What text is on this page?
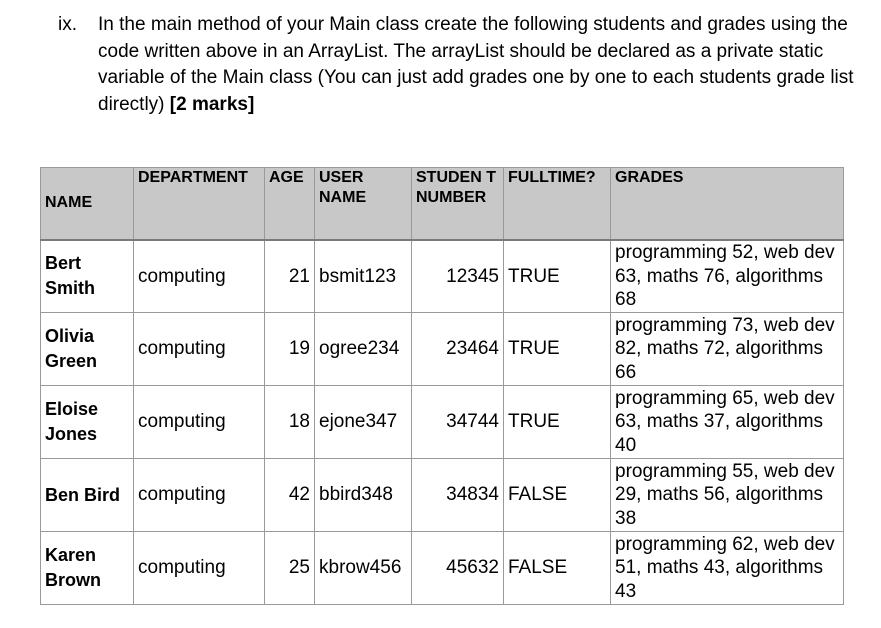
ix. In the main method of your Main class create the following students and grades using the code written above in an ArrayList. The arrayList should be declared as a private static variable of the Main class (You can just add grades one by one to each students grade list directly) [2 marks]
NAME	DEPARTMENT	AGE	USER NAME	STUDEN T NUMBER	FULLTIME?	GRADES
Bert Smith	computing	21	bsmit123	12345	TRUE	programming 52, web dev 63, maths 76, algorithms 68
Olivia Green	computing	19	ogree234	23464	TRUE	programming 73, web dev 82, maths 72, algorithms 66
Eloise Jones	computing	18	ejone347	34744	TRUE	programming 65, web dev 63, maths 37, algorithms 40
Ben Bird	computing	42	bbird348	34834	FALSE	programming 55, web dev 29, maths 56, algorithms 38
Karen Brown	computing	25	kbrow456	45632	FALSE	programming 62, web dev 51, maths 43, algorithms 43
